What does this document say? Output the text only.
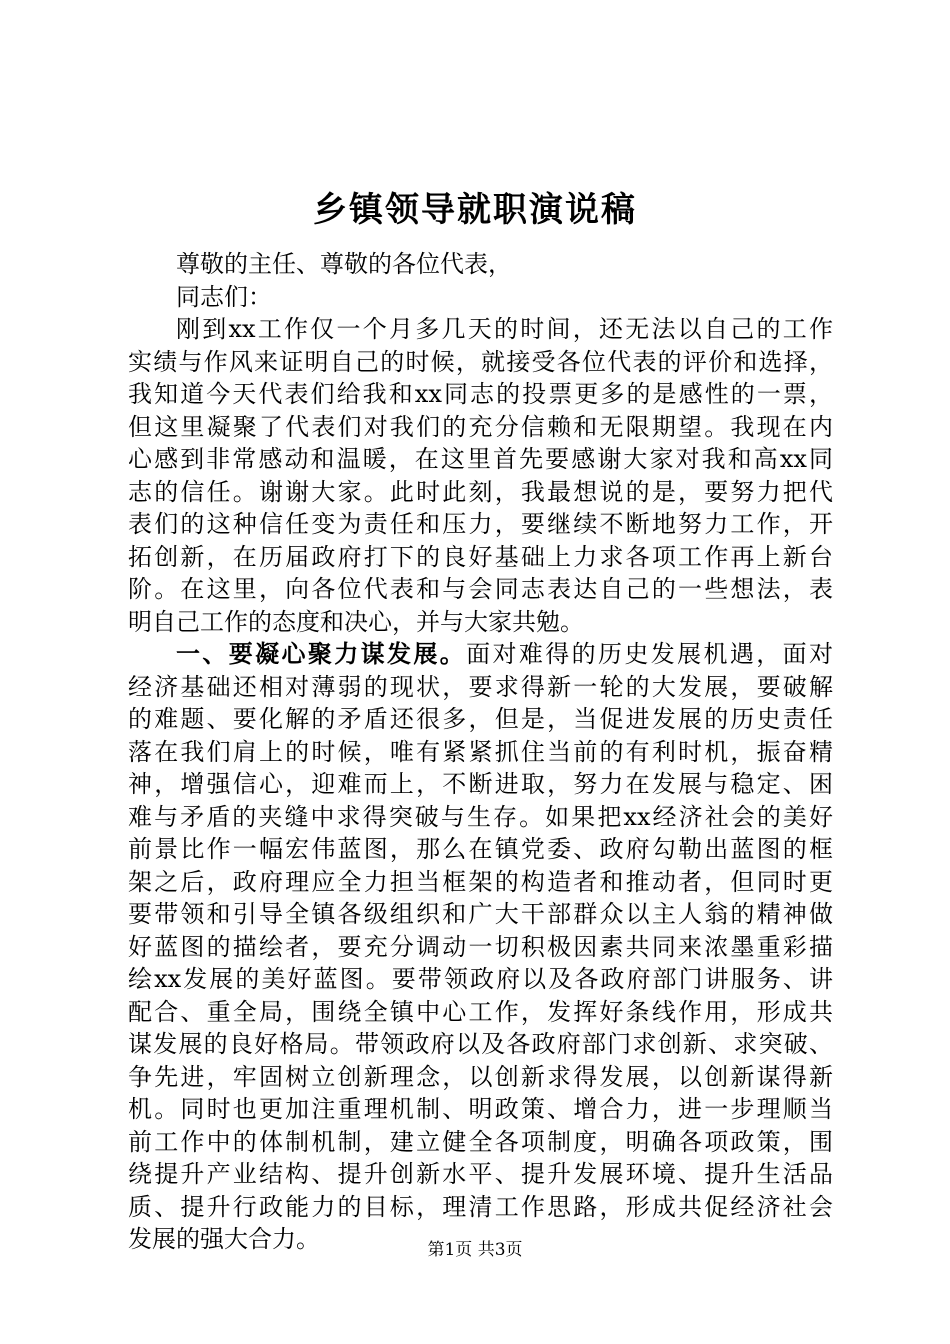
乡镇领导就职演说稿
尊敬的主任、尊敬的各位代表，
同志们：
刚到xx工作仅一个月多几天的时间，还无法以自己的工作
实绩与作风来证明自己的时候，就接受各位代表的评价和选择，
我知道今天代表们给我和xx同志的投票更多的是感性的一票，
但这里凝聚了代表们对我们的充分信赖和无限期望。我现在内
心感到非常感动和温暖，在这里首先要感谢大家对我和高xx同
志的信任。谢谢大家。此时此刻，我最想说的是，要努力把代
表们的这种信任变为责任和压力，要继续不断地努力工作，开
拓创新，在历届政府打下的良好基础上力求各项工作再上新台
阶。在这里，向各位代表和与会同志表达自己的一些想法，表
明自己工作的态度和决心，并与大家共勉。
一、要凝心聚力谋发展。面对难得的历史发展机遇，面对
经济基础还相对薄弱的现状，要求得新一轮的大发展，要破解
的难题、要化解的矛盾还很多，但是，当促进发展的历史责任
落在我们肩上的时候，唯有紧紧抓住当前的有利时机，振奋精
神，增强信心，迎难而上，不断进取，努力在发展与稳定、困
难与矛盾的夹缝中求得突破与生存。如果把xx经济社会的美好
前景比作一幅宏伟蓝图，那么在镇党委、政府勾勒出蓝图的框
架之后，政府理应全力担当框架的构造者和推动者，但同时更
要带领和引导全镇各级组织和广大干部群众以主人翁的精神做
好蓝图的描绘者，要充分调动一切积极因素共同来浓墨重彩描
绘xx发展的美好蓝图。要带领政府以及各政府部门讲服务、讲
配合、重全局，围绕全镇中心工作，发挥好条线作用，形成共
谋发展的良好格局。带领政府以及各政府部门求创新、求突破、
争先进，牢固树立创新理念，以创新求得发展，以创新谋得新
机。同时也更加注重理机制、明政策、增合力，进一步理顺当
前工作中的体制机制，建立健全各项制度，明确各项政策，围
绕提升产业结构、提升创新水平、提升发展环境、提升生活品
质、提升行政能力的目标，理清工作思路，形成共促经济社会
发展的强大合力。	第1页 共3页
